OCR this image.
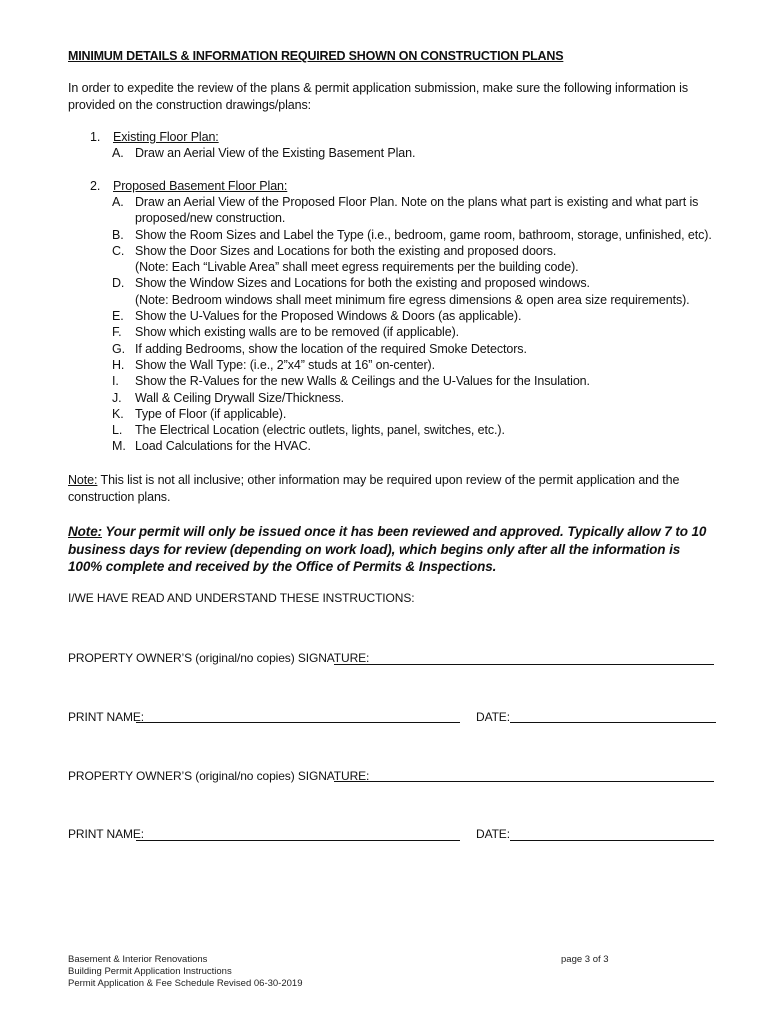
MINIMUM DETAILS & INFORMATION REQUIRED SHOWN ON CONSTRUCTION PLANS
In order to expedite the review of the plans & permit application submission, make sure the following information is provided on the construction drawings/plans:
1. Existing Floor Plan:
A. Draw an Aerial View of the Existing Basement Plan.
2. Proposed Basement Floor Plan:
A. Draw an Aerial View of the Proposed Floor Plan. Note on the plans what part is existing and what part is
proposed/new construction.
B. Show the Room Sizes and Label the Type (i.e., bedroom, game room, bathroom, storage, unfinished, etc).
C. Show the Door Sizes and Locations for both the existing and proposed doors.
(Note: Each “Livable Area” shall meet egress requirements per the building code).
D. Show the Window Sizes and Locations for both the existing and proposed windows.
(Note: Bedroom windows shall meet minimum fire egress dimensions & open area size requirements).
E. Show the U-Values for the Proposed Windows & Doors (as applicable).
F. Show which existing walls are to be removed (if applicable).
G. If adding Bedrooms, show the location of the required Smoke Detectors.
H. Show the Wall Type: (i.e., 2”x4” studs at 16” on-center).
I. Show the R-Values for the new Walls & Ceilings and the U-Values for the Insulation.
J. Wall & Ceiling Drywall Size/Thickness.
K. Type of Floor (if applicable).
L. The Electrical Location (electric outlets, lights, panel, switches, etc.).
M. Load Calculations for the HVAC.
Note: This list is not all inclusive; other information may be required upon review of the permit application and the construction plans.
Note: Your permit will only be issued once it has been reviewed and approved. Typically allow 7 to 10 business days for review (depending on work load), which begins only after all the information is 100% complete and received by the Office of Permits & Inspections.
I/WE HAVE READ AND UNDERSTAND THESE INSTRUCTIONS:
PROPERTY OWNER’S (original/no copies) SIGNATURE:
PRINT NAME:	DATE:
PROPERTY OWNER’S (original/no copies) SIGNATURE:
PRINT NAME:	DATE:
Basement & Interior Renovations
Building Permit Application Instructions
Permit Application & Fee Schedule Revised 06-30-2019
page 3 of 3
